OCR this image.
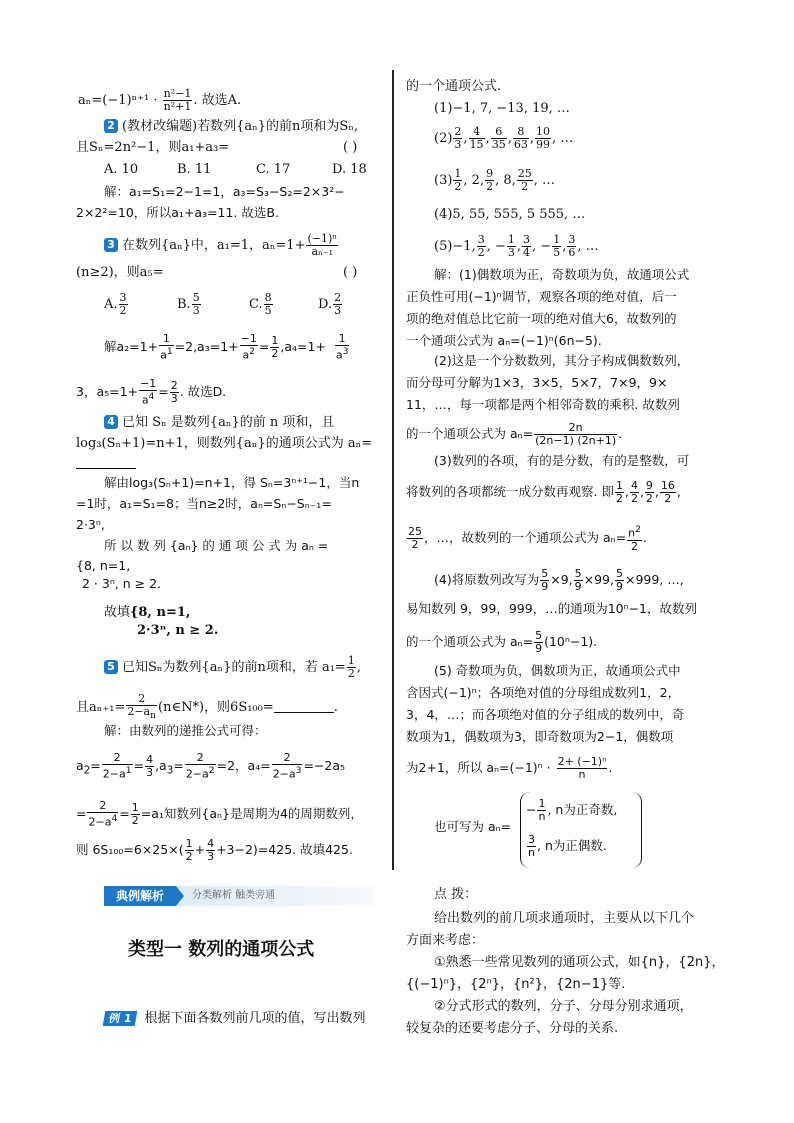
$a_n=(-1)^{n+1} \cdot \frac{\text{n²−1}}{\text{n²+1}}$ . 故选A.
2 (教材改编题)若数列{aₙ}的前n项和为Sₙ,
且Sₙ=2n²−1，则a₁+a₃=	( )
A. 10	B. 11	C. 17
解：a₁=S₁=2−1=1，a₃=S₃−S₂=2×3²−
2×2²=10，所以a₁+a₃=11. 故选B.
D. 18
3 在数列{aₙ}中，a₁=1，$a_n=1+ \frac{\text{(−1)ⁿ}}{\text{aₙ₋₁}}$
(n≥2)，则a₅=	( )
A. $\frac{3}{2}$	B. $\frac{5}{3}$	C. $\frac{8}{5}$	D. $\frac{2}{3}$
解$a_2=1+ \frac{1}{a^1} =2,a_3=1+ \frac{-1}{a^2} = \frac{1}{2} ,a_4=1+ \frac{1}{a^3}$
3，$a_5=1+ \frac{-1}{a^4} = \frac{2}{3}$ . 故选D.
4 已知 Sₙ 是数列{aₙ}的前 n 项和，且
log₃(Sₙ+1)=n+1，则数列{aₙ}的通项公式为 aₙ=
解由log₃(Sₙ+1)=n+1，得 Sₙ=3ⁿ⁺¹−1，当n
=1时，a₁=S₁=8；当n≥2时，aₙ=Sₙ−Sₙ₋₁=
2·3ⁿ,
所 以 数 列 {aₙ} 的 通 项 公 式 为 aₙ =
{8, n=1,
2 · 3ⁿ, n ≥ 2.
故填{8, n=1,
2·3ⁿ, n ≥ 2.
5 已知Sₙ为数列{aₙ}的前n项和，若 $a_1= \frac{1}{2}$ ,
且$a_{n+1}= \frac{2}{2-a_n}$ (n∈N*)，则6S₁₀₀=	.
解：由数列的递推公式可得：
$a_2= \frac{2}{2-a^1} = \frac{4}{3} ,a_3= \frac{2}{2-a^2} =2$，$a_4= \frac{2}{2-a^3} =-2a_5$
= $\frac{2}{2-a^4} = \frac{1}{2} =a_1$知数列{aₙ}是周期为4的周期数列，
则 $6S_{100}=6\times 25\times( \frac{1}{2} + \frac{4}{3} +3-2)=425$. 故填425.
典例解析	分类解析 触类旁通
类型一 数列的通项公式
例 1 根据下面各数列前几项的值，写出数列
的一个通项公式.
(1)−1, 7, −13, 19, …
$(2) \frac{2}{3}$ , $\frac{4}{15}$ , $\frac{6}{35}$ , $\frac{8}{63}$ , $\frac{10}{99}$ , …
$(3) \frac{1}{2}$ , 2, $\frac{9}{2}$ , 8, $\frac{25}{2}$ , …
(4)5, 55, 555, 5 555, …
(5)−1, $\frac{3}{2}$ , − $\frac{1}{3}$ , $\frac{3}{4}$ , − $\frac{1}{5}$ , $\frac{3}{6}$ , …
解：(1)偶数项为正，奇数项为负，故通项公式
正负性可用(−1)ⁿ调节，观察各项的绝对值，后一
项的绝对值总比它前一项的绝对值大6，故数列的
一个通项公式为 aₙ=(−1)ⁿ(6n−5).
(2)这是一个分数数列，其分子构成偶数数列，
而分母可分解为1×3，3×5，5×7，7×9，9×
11，…，每一项都是两个相邻奇数的乘积. 故数列
的一个通项公式为 $a_n= \frac{2n}{(2n-1) (2n+1)}$ .
(3)数列的各项，有的是分数，有的是整数，可
将数列的各项都统一成分数再观察. 即 $\frac{1}{2}$ , $\frac{4}{2}$ , $\frac{9}{2}$ , $\frac{16}{2}$ ,
$\frac{25}{2}$ ，…，故数列的一个通项公式为 $a_n= \frac{n^2}{2}$ .
(4)将原数列改写为 $\frac{5}{9} \times 9$, $\frac{5}{9} \times 99$, $\frac{5}{9} \times 999$, …,
易知数列 9，99，999，…的通项为10ⁿ−1，故数列
的一个通项公式为 $a_n= \frac{5}{9} (10^n-1)$.
(5) 奇数项为负，偶数项为正，故通项公式中
含因式(−1)ⁿ；各项绝对值的分母组成数列1，2，
3，4，…；而各项绝对值的分子组成的数列中，奇
数项为1，偶数项为3，即奇数项为2−1，偶数项
为2+1，所以 $a_n=(-1)^n \cdot \frac{\text{2+ (−1)ⁿ}}{n}$ .
也可写为 aₙ=
− $\frac{1}{n}$ , n为正奇数,
$\frac{3}{n}$ , n为正偶数.
点 拨：
给出数列的前几项求通项时，主要从以下几个
方面来考虑：
①熟悉一些常见数列的通项公式，如{n}，{2n}，
{(−1)ⁿ}，{2ⁿ}，{n²}，{2n−1}等.
②分式形式的数列，分子、分母分别求通项，
较复杂的还要考虑分子、分母的关系.
